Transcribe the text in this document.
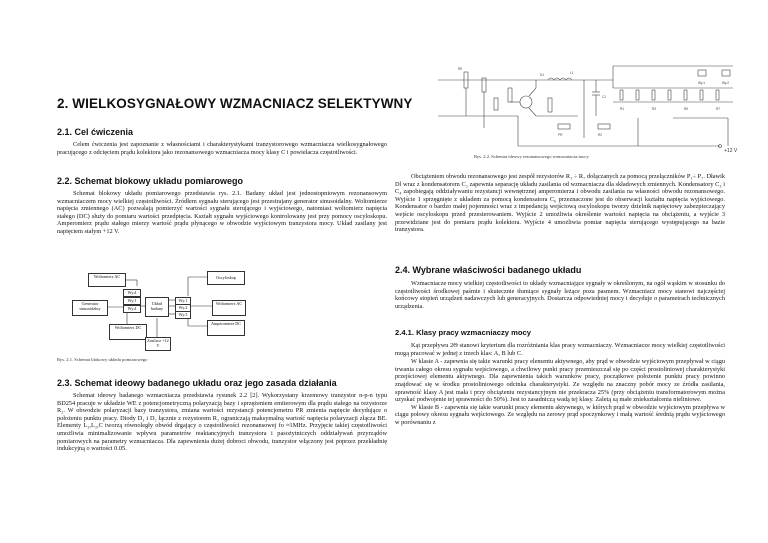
2. WIELKOSYGNAŁOWY WZMACNIACZ SELEKTYWNY
R5
D1	L1
C1
R1	R3	R5	R7
PR	R2
Wy.1	Wy.2
+12 V
Rys. 2.2. Schemat ideowy rezonansowego wzmacniacza mocy
2.1. Cel ćwiczenia

Celem ćwiczenia jest zapoznanie z własnościami i charakterystykami tranzystorowego wzmacniacza wielkosygnałowego pracującego z odcięciem prądu kolektora jako rezonansowego wzmacniacza mocy klasy C i powielacza częstotliwości.

2.2. Schemat blokowy układu pomiarowego

Schemat blokowy układu pomiarowego przedstawia rys. 2.1. Badany układ jest jednostopniowym rezonansowym wzmacniaczem mocy wielkiej częstotliwości. Źródłem sygnału sterującego jest przestrajany generator sinusoidalny. Woltomierze napięcia zmiennego (AC) pozwalają pomierzyć wartości sygnału sterującego i wyjściowego, natomiast woltomierz napięcia stałego (DC) służy do pomiaru wartości przedpięcia. Kształt sygnału wyjściowego kontrolowany jest przy pomocy oscyloskopu. Amperomierz prądu stałego mierzy wartość prądu płynącego w obwodzie wyjściowym tranzystora mocy. Układ zasilany jest napięciem stałym +12 V.

Woltomierz AC	Oscyloskop
Generator sinusoidalny
Wy.4
Wy.1
Wy.4
Układ badany
Wy.1
Wy.2
Wy.3
Woltomierz AC
Woltomierz DC
Amperomierz DC
Zasilacz +12 V
Rys. 2.1. Schemat blokowy układu pomiarowego
2.3. Schemat ideowy badanego układu oraz jego zasada działania

Schemat ideowy badanego wzmacniacza przedstawia rysunek 2.2 [2]. Wykorzystany krzemowy tranzystor n-p-n typu BD254 pracuje w układzie WE z potencjometryczną polaryzacją bazy i sprzężeniem emiterowym dla prądu stałego na rezystorze R₂. W obwodzie polaryzacji bazy tranzystora, zmiana wartości rezystancji potencjometru PR zmienia napięcie decydujące o położeniu punktu pracy. Diody D₁ i D₂ łącznie z rezystorem R₂ ograniczają maksymalną wartość napięcia polaryzacji złącza BE. Elementy L₁,L₂,C tworzą równoległy obwód drgający o częstotliwości rezonansowej fo ≈1MHz. Przyjęcie takiej częstotliwości umożliwia minimalizowanie wpływu parametrów reaktancyjnych tranzystora i pasożytniczych oddziaływań przyrządów pomiarowych na parametry wzmacniacza. Dla zapewnienia dużej dobroci obwodu, tranzystor włączony jest poprzez przekładnię indukcyjną o wartości 0.05.

Obciążeniem obwodu rezonansowego jest zespół rezystorów R₁ ÷ R₇ dołączanych za pomocą przełączników P₁÷ P₇. Dławik Dl wraz z kondensatorem C₂ zapewnia separację układu zasilania od wzmacniacza dla składowych zmiennych. Kondensatory C₃ i C₄ zapobiegają oddziaływaniu rezystancji wewnętrznej amperomierza i obwodu zasilania na własności obwodu rezonansowego. Wyjście 1 sprzęgnięte z układem za pomocą kondensatora C₆ przeznaczone jest do obserwacji kształtu napięcia wyjściowego. Kondensator o bardzo małej pojemności wraz z impedancją wejściową oscyloskopu tworzy dzielnik napięciowy zabezpieczający wejście oscyloskopu przed przesterowaniem. Wyjście 2 umożliwia określenie wartości napięcia na obciążeniu, a wyjście 3 przewidziane jest do pomiaru prądu kolektora. Wyjście 4 umożliwia pomiar napięcia sterującego występującego na bazie tranzystora.

2.4. Wybrane właściwości badanego układu

Wzmacniacze mocy wielkiej częstotliwości to układy wzmacniające sygnały w określonym, na ogół wąskim w stosunku do częstotliwości środkowej paśmie i skutecznie tłumiące sygnały leżące poza pasmem. Wzmacniacz mocy stanowi najczęściej końcowy stopień urządzeń nadawczych lub generacyjnych. Dostarcza odpowiedniej mocy i decyduje o parametrach technicznych urządzenia.

2.4.1. Klasy pracy wzmacniaczy mocy

Kąt przepływu 2Θ stanowi kryterium dla rozróżniania klas pracy wzmacniaczy. Wzmacniacze mocy wielkiej częstotliwości mogą pracować w jednej z trzech klas: A, B lub C.

W klasie A - zapewnia się takie warunki pracy elementu aktywnego, aby prąd w obwodzie wyjściowym przepływał w ciągu trwania całego okresu sygnału wejściowego, a chwilowy punkt pracy przemieszczał się po części prostoliniowej charakterystyki przejściowej elementu aktywnego. Dla zapewnienia takich warunków pracy, początkowe położenie punktu pracy powinno znajdować się w środku prostoliniowego odcinka charakterystyki. Ze względu na znaczny pobór mocy ze źródła zasilania, sprawność klasy A jest mała i przy obciążeniu rezystancyjnym nie przekracza 25% (przy obciążeniu transformatorowym można uzyskać podwojenie tej sprawności do 50%). Jest to zasadniczą wadą tej klasy. Zaletą są małe zniekształcenia nieliniowe.

W klasie B - zapewnia się takie warunki pracy elementu aktywnego, w których prąd w obwodzie wyjściowym przepływa w ciągu połowy okresu sygnału wejściowego. Ze względu na zerowy prąd spoczynkowy i małą wartość średnią prądu wyjściowego w porównaniu z
